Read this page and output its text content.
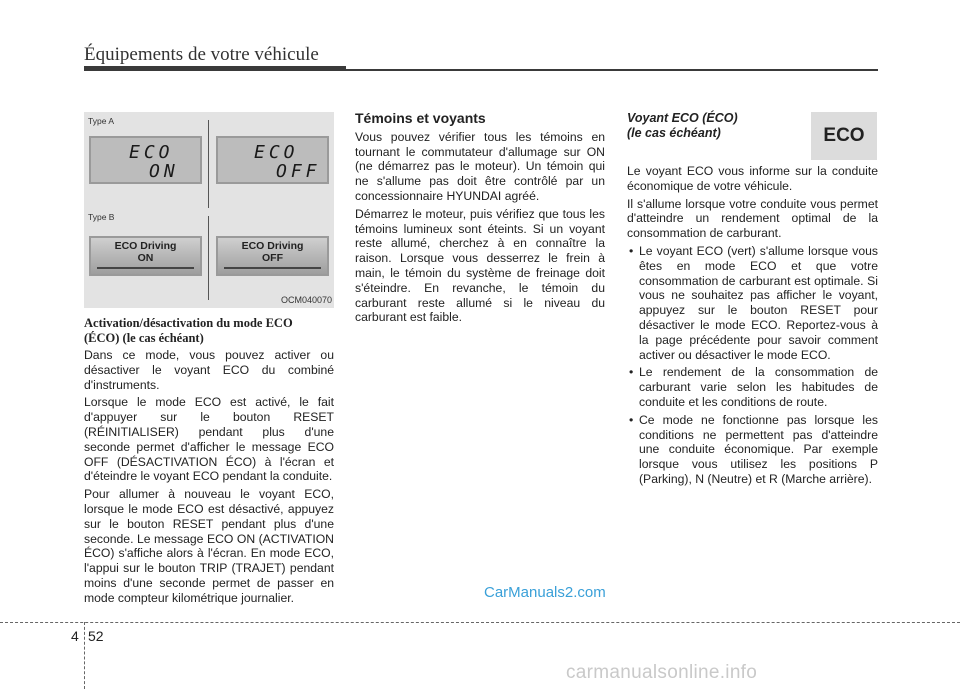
Équipements de votre véhicule
Type A
ECO
ON
ECO
OFF
Type B
ECO Driving
ON
ECO Driving
OFF
OCM040070
Activation/désactivation du mode ECO
(ÉCO) (le cas échéant)

Dans ce mode, vous pouvez activer ou désactiver le voyant ECO du combiné d'instruments.

Lorsque le mode ECO est activé, le fait d'appuyer sur le bouton RESET (RÉINITIALISER) pendant plus d'une seconde permet d'afficher le message ECO OFF (DÉSACTIVATION ÉCO) à l'écran et d'éteindre le voyant ECO pendant la conduite.

Pour allumer à nouveau le voyant ECO, lorsque le mode ECO est désactivé, appuyez sur le bouton RESET pendant plus d'une seconde. Le message ECO ON (ACTIVATION ÉCO) s'affiche alors à l'écran. En mode ECO, l'appui sur le bouton TRIP (TRAJET) pendant moins d'une seconde permet de passer en mode compteur kilométrique journalier.

Témoins et voyants

Vous pouvez vérifier tous les témoins en tournant le commutateur d'allumage sur ON (ne démarrez pas le moteur). Un témoin qui ne s'allume pas doit être contrôlé par un concessionnaire HYUNDAI agréé.

Démarrez le moteur, puis vérifiez que tous les témoins lumineux sont éteints. Si un voyant reste allumé, cherchez à en connaître la raison. Lorsque vous desserrez le frein à main, le témoin du système de freinage doit s'éteindre. En revanche, le témoin du carburant reste allumé si le niveau du carburant est faible.

ECO
Voyant ECO (ÉCO)
(le cas échéant)

Le voyant ECO vous informe sur la conduite économique de votre véhicule.

Il s'allume lorsque votre conduite vous permet d'atteindre un rendement optimal de la consommation de carburant.

• Le voyant ECO (vert) s'allume lorsque vous êtes en mode ECO et que votre consommation de carburant est optimale. Si vous ne souhaitez pas afficher le voyant, appuyez sur le bouton RESET pour désactiver le mode ECO. Reportez-vous à la page précédente pour savoir comment activer ou désactiver le mode ECO.
• Le rendement de la consommation de carburant varie selon les habitudes de conduite et les conditions de route.
• Ce mode ne fonctionne pas lorsque les conditions ne permettent pas d'atteindre une conduite économique. Par exemple lorsque vous utilisez les positions P (Parking), N (Neutre) et R (Marche arrière).
CarManuals2.com
4 52
carmanualsonline.info
